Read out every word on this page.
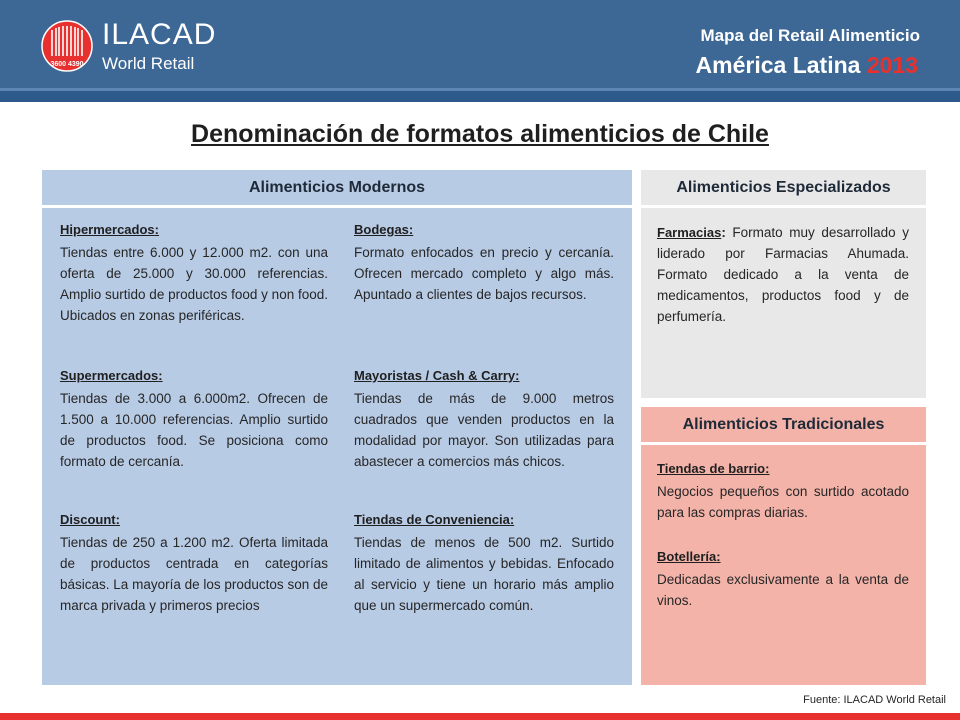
3600 4390
ILACAD
World Retail
Mapa del Retail Alimenticio
América Latina 2013
Denominación de formatos alimenticios de Chile
Alimenticios Modernos
Hipermercados:
Tiendas entre 6.000 y 12.000 m2. con una oferta de 25.000 y 30.000 referencias. Amplio surtido de productos food y non food. Ubicados en zonas periféricas.
Bodegas:
Formato enfocados en precio y cercanía. Ofrecen mercado completo y algo más. Apuntado a clientes de bajos recursos.
Supermercados:
Tiendas de 3.000 a 6.000m2. Ofrecen de 1.500 a 10.000 referencias. Amplio surtido de productos food. Se posiciona como formato de cercanía.
Mayoristas / Cash & Carry:
Tiendas de más de 9.000 metros cuadrados que venden productos en la modalidad por mayor. Son utilizadas para abastecer a comercios más chicos.
Discount:
Tiendas de 250 a 1.200 m2. Oferta limitada de productos centrada en categorías básicas. La mayoría de los productos son de marca privada y primeros precios
Tiendas de Conveniencia:
Tiendas de menos de 500 m2. Surtido limitado de alimentos y bebidas. Enfocado al servicio y tiene un horario más amplio que un supermercado común.
Alimenticios Especializados
Farmacias: Formato muy desarrollado y liderado por Farmacias Ahumada. Formato dedicado a la venta de medicamentos, productos food y de perfumería.
Alimenticios Tradicionales
Tiendas de barrio:
Negocios pequeños con surtido acotado para las compras diarias.
Botellería:
Dedicadas exclusivamente a la venta de vinos.
Fuente: ILACAD World Retail
